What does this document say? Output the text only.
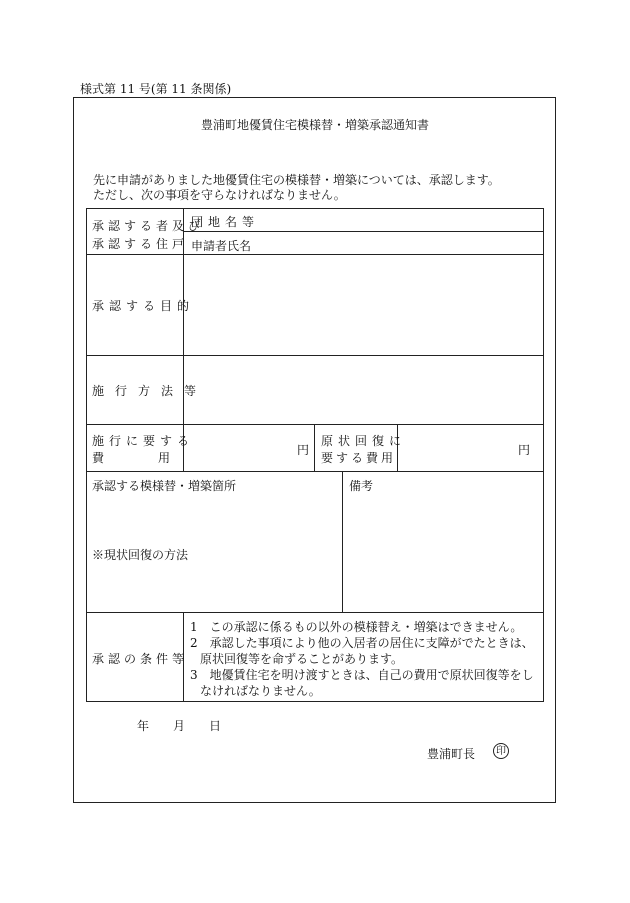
様式第 11 号(第 11 条関係)
豊浦町地優賃住宅模様替・増築承認通知書
先に申請がありました地優賃住宅の模様替・増築については、承認します。
ただし、次の事項を守らなければなりません。
承認する者及び
承認する住戸
団地名等
申請者氏名
承認する目的
施行方法等
施行に要する
費用
円
原状回復に
要する費用
円
承認する模様替・増築箇所	備考
※現状回復の方法
承認の条件等
1　この承認に係るもの以外の模様替え・増築はできません。
2　承認した事項により他の入居者の居住に支障がでたときは、原状回復等を命ずることがあります。
3　地優賃住宅を明け渡すときは、自己の費用で原状回復等をしなければなりません。
年　　月　　日
豊浦町長	印
